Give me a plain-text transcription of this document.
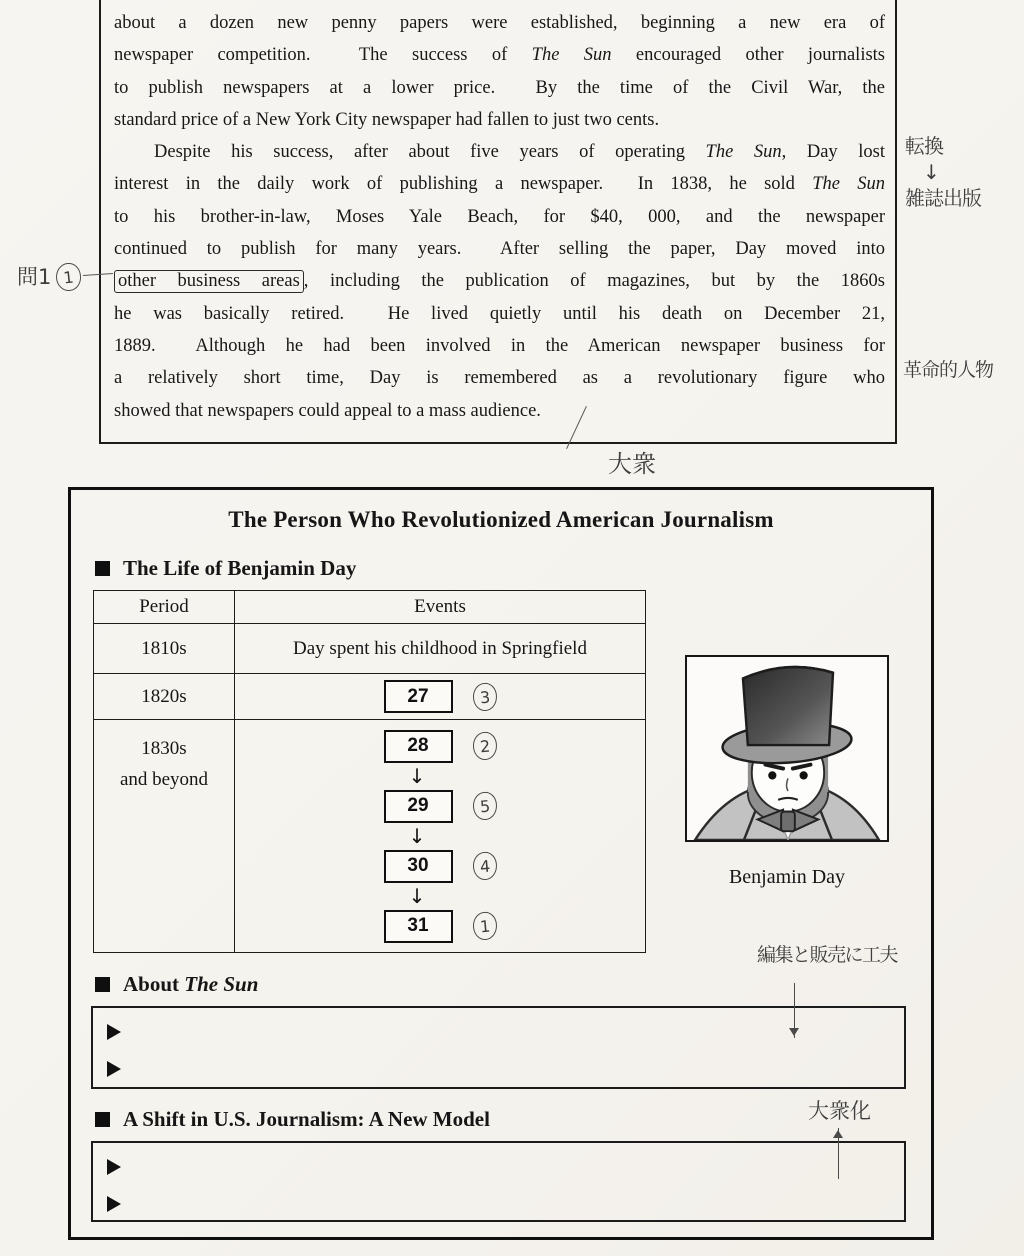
about a dozen new penny papers were established, beginning a new era of
newspaper competition.  The success of The Sun encouraged other journalists
to publish newspapers at a lower price.  By the time of the Civil War, the
standard price of a New York City newspaper had fallen to just two cents.
Despite his success, after about five years of operating The Sun, Day lost
interest in the daily work of publishing a newspaper.  In 1838, he sold The Sun
to his brother-in-law, Moses Yale Beach, for $40, 000, and the newspaper
continued to publish for many years.  After selling the paper, Day moved into
other business areas , including the publication of magazines, but by the 1860s
he was basically retired.  He lived quietly until his death on December 21,
1889.  Although he had been involved in the American newspaper business for
a relatively short time, Day is remembered as a revolutionary figure who
showed that newspapers could appeal to a mass audience.
問1 1
転換
↓
雑誌出版
革命的人物
大衆
The Person Who Revolutionized American Journalism
The Life of Benjamin Day
Period	Events
1810s	Day spent his childhood in Springfield
1820s	27 3

1830s
and beyond

28	2
↓
29	5
↓
30	4
↓
31	1
Benjamin Day
About The Sun
編集と販売に工夫
A Shift in U.S. Journalism: A New Model	大衆化
